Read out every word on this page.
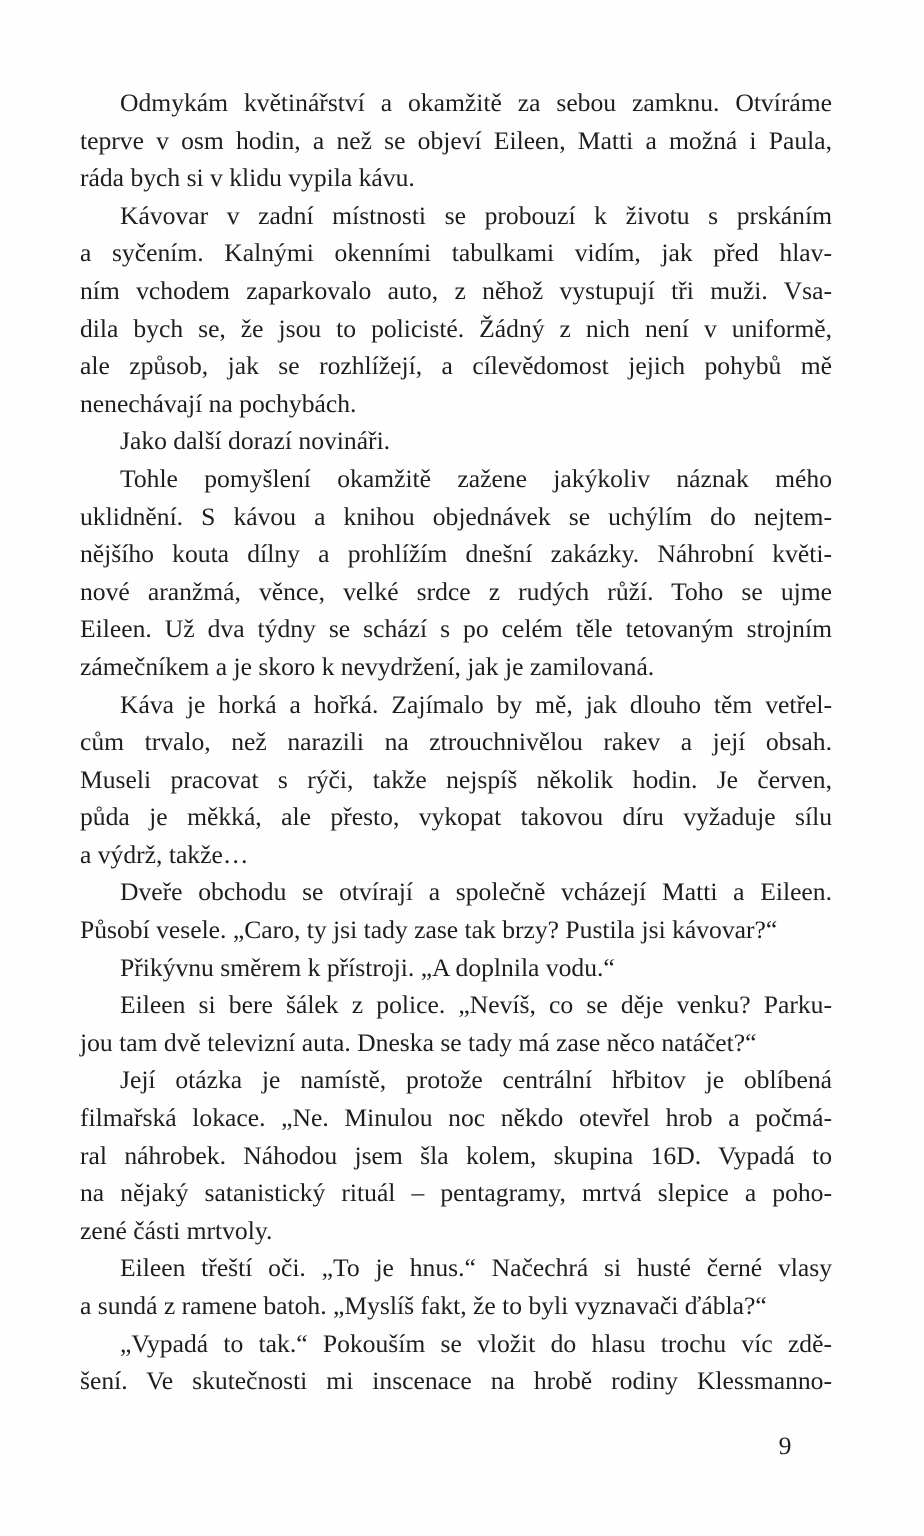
Odmykám květinářství a okamžitě za sebou zamknu. Otvíráme
teprve v osm hodin, a než se objeví Eileen, Matti a možná i Paula,
ráda bych si v klidu vypila kávu.
Kávovar v zadní místnosti se probouzí k životu s prskáním
a syčením. Kalnými okenními tabulkami vidím, jak před hlav-
ním vchodem zaparkovalo auto, z něhož vystupují tři muži. Vsa-
dila bych se, že jsou to policisté. Žádný z nich není v uniformě,
ale způsob, jak se rozhlížejí, a cílevědomost jejich pohybů mě
nenechávají na pochybách.
Jako další dorazí novináři.
Tohle pomyšlení okamžitě zažene jakýkoliv náznak mého
uklidnění. S kávou a knihou objednávek se uchýlím do nejtem-
nějšího kouta dílny a prohlížím dnešní zakázky. Náhrobní květi-
nové aranžmá, věnce, velké srdce z rudých růží. Toho se ujme
Eileen. Už dva týdny se schází s po celém těle tetovaným strojním
zámečníkem a je skoro k nevydržení, jak je zamilovaná.
Káva je horká a hořká. Zajímalo by mě, jak dlouho těm vetřel-
cům trvalo, než narazili na ztrouchnivělou rakev a její obsah.
Museli pracovat s rýči, takže nejspíš několik hodin. Je červen,
půda je měkká, ale přesto, vykopat takovou díru vyžaduje sílu
a výdrž, takže…
Dveře obchodu se otvírají a společně vcházejí Matti a Eileen.
Působí vesele. „Caro, ty jsi tady zase tak brzy? Pustila jsi kávovar?“
Přikývnu směrem k přístroji. „A doplnila vodu.“
Eileen si bere šálek z police. „Nevíš, co se děje venku? Parku-
jou tam dvě televizní auta. Dneska se tady má zase něco natáčet?“
Její otázka je namístě, protože centrální hřbitov je oblíbená
filmařská lokace. „Ne. Minulou noc někdo otevřel hrob a počmá-
ral náhrobek. Náhodou jsem šla kolem, skupina 16D. Vypadá to
na nějaký satanistický rituál – pentagramy, mrtvá slepice a poho-
zené části mrtvoly.
Eileen třeští oči. „To je hnus.“ Načechrá si husté černé vlasy
a sundá z ramene batoh. „Myslíš fakt, že to byli vyznavači ďábla?“
„Vypadá to tak.“ Pokouším se vložit do hlasu trochu víc zdě-
šení. Ve skutečnosti mi inscenace na hrobě rodiny Klessmanno-
9
